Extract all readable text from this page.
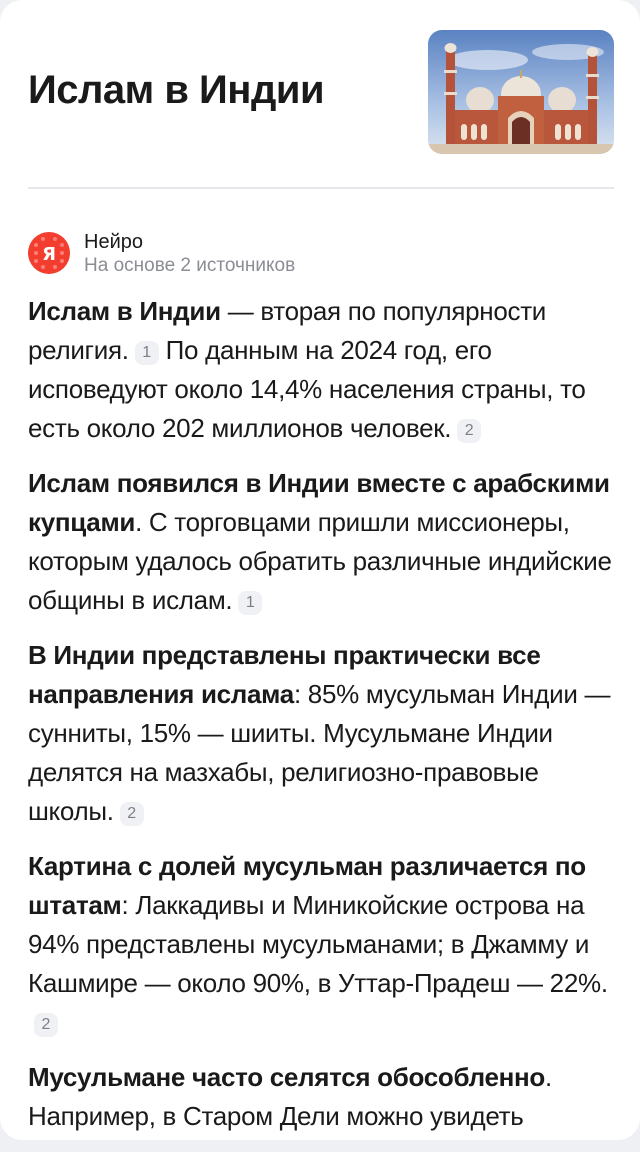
Ислам в Индии
Я
Нейро
На основе 2 источников

Ислам в Индии — вторая по популярности религия. 1 По данным на 2024 год, его исповедуют около 14,4% населения страны, то есть около 202 миллионов человек. 2

Ислам появился в Индии вместе с арабскими купцами. С торговцами пришли миссионеры, которым удалось обратить различные индийские общины в ислам. 1

В Индии представлены практически все направления ислама: 85% мусульман Индии — сунниты, 15% — шииты. Мусульмане Индии делятся на мазхабы, религиозно-правовые школы. 2

Картина с долей мусульман различается по штатам: Лаккадивы и Миникойские острова на 94% представлены мусульманами; в Джамму и Кашмире — около 90%, в Уттар-Прадеш — 22%.2

Мусульмане часто селятся обособленно. Например, в Старом Дели можно увидеть
